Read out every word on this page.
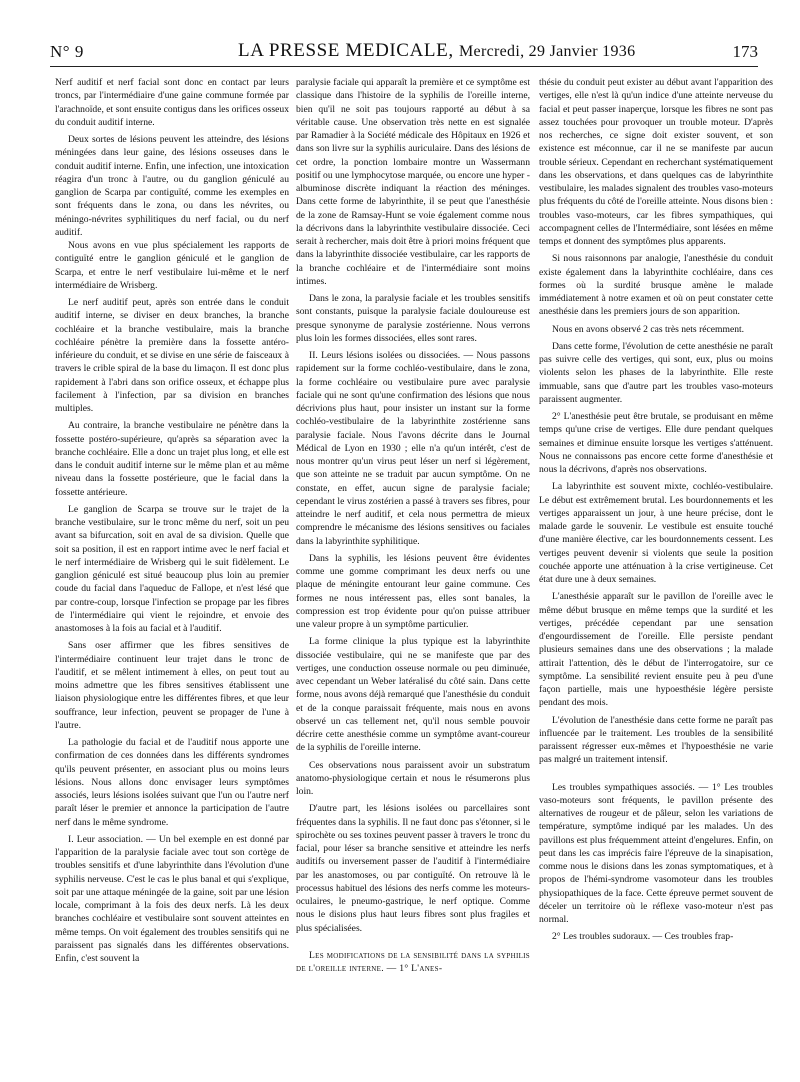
N° 9	LA PRESSE MEDICALE, Mercredi, 29 Janvier 1936	173

Nerf auditif et nerf facial sont donc en contact par leurs troncs, par l'intermédiaire d'une gaine commune formée par l'arachnoïde, et sont ensuite contigus dans les orifices osseux du conduit auditif interne.

Deux sortes de lésions peuvent les atteindre, des lésions méningées dans leur gaine, des lésions osseuses dans le conduit auditif interne. Enfin, une infection, une intoxication réagira d'un tronc à l'autre, ou du ganglion géniculé au ganglion de Scarpa par contiguïté, comme les exemples en sont fréquents dans le zona, ou dans les névrites, ou méningo-névrites syphilitiques du nerf facial, ou du nerf auditif.

Nous avons en vue plus spécialement les rapports de contiguïté entre le ganglion géniculé et le ganglion de Scarpa, et entre le nerf vestibulaire lui-même et le nerf intermédiaire de Wrisberg.

Le nerf auditif peut, après son entrée dans le conduit auditif interne, se diviser en deux branches, la branche cochléaire et la branche vestibulaire, mais la branche cochléaire pénètre la première dans la fossette antéro-inférieure du conduit, et se divise en une série de faisceaux à travers le crible spiral de la base du limaçon. Il est donc plus rapidement à l'abri dans son orifice osseux, et échappe plus facilement à l'infection, par sa division en branches multiples.

Au contraire, la branche vestibulaire ne pénètre dans la fossette postéro-supérieure, qu'après sa séparation avec la branche cochléaire. Elle a donc un trajet plus long, et elle est dans le conduit auditif interne sur le même plan et au même niveau dans la fossette postérieure, que le facial dans la fossette antérieure.

Le ganglion de Scarpa se trouve sur le trajet de la branche vestibulaire, sur le tronc même du nerf, soit un peu avant sa bifurcation, soit en aval de sa division. Quelle que soit sa position, il est en rapport intime avec le nerf facial et le nerf intermédiaire de Wrisberg qui le suit fidèlement. Le ganglion géniculé est situé beaucoup plus loin au premier coude du facial dans l'aqueduc de Fallope, et n'est lésé que par contre-coup, lorsque l'infection se propage par les fibres de l'intermédiaire qui vient le rejoindre, et envoie des anastomoses à la fois au facial et à l'auditif.

Sans oser affirmer que les fibres sensitives de l'intermédiaire continuent leur trajet dans le tronc de l'auditif, et se mêlent intimement à elles, on peut tout au moins admettre que les fibres sensitives établissent une liaison physiologique entre les différentes fibres, et que leur souffrance, leur infection, peuvent se propager de l'une à l'autre.

La pathologie du facial et de l'auditif nous apporte une confirmation de ces données dans les différents syndromes qu'ils peuvent présenter, en associant plus ou moins leurs lésions. Nous allons donc envisager leurs symptômes associés, leurs lésions isolées suivant que l'un ou l'autre nerf paraît léser le premier et annonce la participation de l'autre nerf dans le même syndrome.

I. Leur association. — Un bel exemple en est donné par l'apparition de la paralysie faciale avec tout son cortège de troubles sensitifs et d'une labyrinthite dans l'évolution d'une syphilis nerveuse. C'est le cas le plus banal et qui s'explique, soit par une attaque méningée de la gaine, soit par une lésion locale, comprimant à la fois des deux nerfs. Là les deux branches cochléaire et vestibulaire sont souvent atteintes en même temps. On voit également des troubles sensitifs qui ne paraissent pas signalés dans les différentes observations. Enfin, c'est souvent la

paralysie faciale qui apparaît la première et ce symptôme est classique dans l'histoire de la syphilis de l'oreille interne, bien qu'il ne soit pas toujours rapporté au début à sa véritable cause. Une observation très nette en est signalée par Ramadier à la Société médicale des Hôpitaux en 1926 et dans son livre sur la syphilis auriculaire. Dans des lésions de cet ordre, la ponction lombaire montre un Wassermann positif ou une lymphocytose marquée, ou encore une hyper - albuminose discrète indiquant la réaction des méninges. Dans cette forme de labyrinthite, il se peut que l'anesthésie de la zone de Ramsay-Hunt se voie également comme nous la décrivons dans la labyrinthite vestibulaire dissociée. Ceci serait à rechercher, mais doit être à priori moins fréquent que dans la labyrinthite dissociée vestibulaire, car les rapports de la branche cochléaire et de l'intermédiaire sont moins intimes.

Dans le zona, la paralysie faciale et les troubles sensitifs sont constants, puisque la paralysie faciale douloureuse est presque synonyme de paralysie zostérienne. Nous verrons plus loin les formes dissociées, elles sont rares.

II. Leurs lésions isolées ou dissociées. — Nous passons rapidement sur la forme cochléo-vestibulaire, dans le zona, la forme cochléaire ou vestibulaire pure avec paralysie faciale qui ne sont qu'une confirmation des lésions que nous décrivions plus haut, pour insister un instant sur la forme cochléo-vestibulaire de la labyrinthite zostérienne sans paralysie faciale. Nous l'avons décrite dans le Journal Médical de Lyon en 1930 ; elle n'a qu'un intérêt, c'est de nous montrer qu'un virus peut léser un nerf si légèrement, que son atteinte ne se traduit par aucun symptôme. On ne constate, en effet, aucun signe de paralysie faciale; cependant le virus zostérien a passé à travers ses fibres, pour atteindre le nerf auditif, et cela nous permettra de mieux comprendre le mécanisme des lésions sensitives ou faciales dans la labyrinthite syphilitique.

Dans la syphilis, les lésions peuvent être évidentes comme une gomme comprimant les deux nerfs ou une plaque de méningite entourant leur gaine commune. Ces formes ne nous intéressent pas, elles sont banales, la compression est trop évidente pour qu'on puisse attribuer une valeur propre à un symptôme particulier.

La forme clinique la plus typique est la labyrinthite dissociée vestibulaire, qui ne se manifeste que par des vertiges, une conduction osseuse normale ou peu diminuée, avec cependant un Weber latéralisé du côté sain. Dans cette forme, nous avons déjà remarqué que l'anesthésie du conduit et de la conque paraissait fréquente, mais nous en avons observé un cas tellement net, qu'il nous semble pouvoir décrire cette anesthésie comme un symptôme avant-coureur de la syphilis de l'oreille interne.

Ces observations nous paraissent avoir un substratum anatomo-physiologique certain et nous le résumerons plus loin.

D'autre part, les lésions isolées ou parcellaires sont fréquentes dans la syphilis. Il ne faut donc pas s'étonner, si le spirochète ou ses toxines peuvent passer à travers le tronc du facial, pour léser sa branche sensitive et atteindre les nerfs auditifs ou inversement passer de l'auditif à l'intermédiaire par les anastomoses, ou par contiguïté. On retrouve là le processus habituel des lésions des nerfs comme les moteurs-oculaires, le pneumo-gastrique, le nerf optique. Comme nous le disions plus haut leurs fibres sont plus fragiles et plus spécialisées.

Les modifications de la sensibilité dans la syphilis de l'oreille interne. — 1° L'anes-

thésie du conduit peut exister au début avant l'apparition des vertiges, elle n'est là qu'un indice d'une atteinte nerveuse du facial et peut passer inaperçue, lorsque les fibres ne sont pas assez touchées pour provoquer un trouble moteur. D'après nos recherches, ce signe doit exister souvent, et son existence est méconnue, car il ne se manifeste par aucun trouble sérieux. Cependant en recherchant systématiquement dans les observations, et dans quelques cas de labyrinthite vestibulaire, les malades signalent des troubles vaso-moteurs plus fréquents du côté de l'oreille atteinte. Nous disons bien : troubles vaso-moteurs, car les fibres sympathiques, qui accompagnent celles de l'Intermédiaire, sont lésées en même temps et donnent des symptômes plus apparents.

Si nous raisonnons par analogie, l'anesthésie du conduit existe également dans la labyrinthite cochléaire, dans ces formes où la surdité brusque amène le malade immédiatement à notre examen et où on peut constater cette anesthésie dans les premiers jours de son apparition.

Nous en avons observé 2 cas très nets récemment.

Dans cette forme, l'évolution de cette anesthésie ne paraît pas suivre celle des vertiges, qui sont, eux, plus ou moins violents selon les phases de la labyrinthite. Elle reste immuable, sans que d'autre part les troubles vaso-moteurs paraissent augmenter.

2° L'anesthésie peut être brutale, se produisant en même temps qu'une crise de vertiges. Elle dure pendant quelques semaines et diminue ensuite lorsque les vertiges s'atténuent. Nous ne connaissons pas encore cette forme d'anesthésie et nous la décrivons, d'après nos observations.

La labyrinthite est souvent mixte, cochléo-vestibulaire. Le début est extrêmement brutal. Les bourdonnements et les vertiges apparaissent un jour, à une heure précise, dont le malade garde le souvenir. Le vestibule est ensuite touché d'une manière élective, car les bourdonnements cessent. Les vertiges peuvent devenir si violents que seule la position couchée apporte une atténuation à la crise vertigineuse. Cet état dure une à deux semaines.

L'anesthésie apparaît sur le pavillon de l'oreille avec le même début brusque en même temps que la surdité et les vertiges, précédée cependant par une sensation d'engourdissement de l'oreille. Elle persiste pendant plusieurs semaines dans une des observations ; la malade attirait l'attention, dès le début de l'interrogatoire, sur ce symptôme. La sensibilité revient ensuite peu à peu d'une façon partielle, mais une hypoesthésie légère persiste pendant des mois.

L'évolution de l'anesthésie dans cette forme ne paraît pas influencée par le traitement. Les troubles de la sensibilité paraissent régresser eux-mêmes et l'hypoesthésie ne varie pas malgré un traitement intensif.

Les troubles sympathiques associés. — 1° Les troubles vaso-moteurs sont fréquents, le pavillon présente des alternatives de rougeur et de pâleur, selon les variations de température, symptôme indiqué par les malades. Un des pavillons est plus fréquemment atteint d'engelures. Enfin, on peut dans les cas imprécis faire l'épreuve de la sinapisation, comme nous le disions dans les zonas symptomatiques, et à propos de l'hémi-syndrome vasomoteur dans les troubles physiopathiques de la face. Cette épreuve permet souvent de déceler un territoire où le réflexe vaso-moteur n'est pas normal.

2° Les troubles sudoraux. — Ces troubles frap-
